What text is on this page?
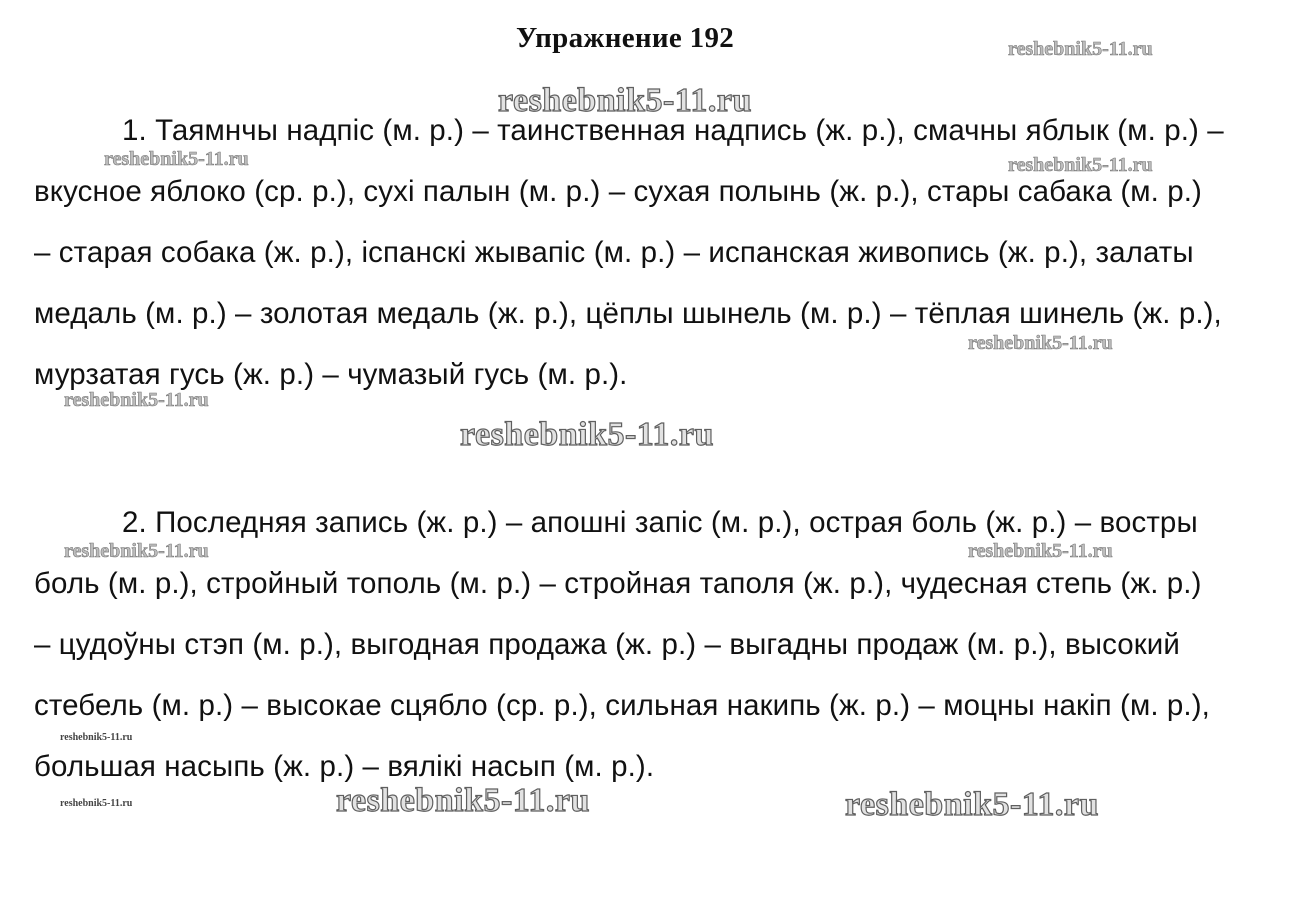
Упражнение 192
1. Таямнчы надпіс (м. р.) – таинственная надпись (ж. р.), смачны яблык (м. р.) – вкусное яблоко (ср. р.), сухі палын (м. р.) – сухая полынь (ж. р.), стары сабака (м. р.) – старая собака (ж. р.), іспанскі жывапіс (м. р.) – испанская живопись (ж. р.), залаты медаль (м. р.) – золотая медаль (ж. р.), цёплы шынель (м. р.) – тёплая шинель (ж. р.), мурзатая гусь (ж. р.) – чумазый гусь (м. р.).
2. Последняя запись (ж. р.) – апошні запіс (м. р.), острая боль (ж. р.) – востры боль (м. р.), стройный тополь (м. р.) – стройная таполя (ж. р.), чудесная степь (ж. р.) – цудоўны стэп (м. р.), выгодная продажа (ж. р.) – выгадны продаж (м. р.), высокий стебель (м. р.) – высокае сцябло (ср. р.), сильная накипь (ж. р.) – моцны накіп (м. р.), большая насыпь (ж. р.) – вялікі насып (м. р.).
reshebnik5-11.ru
reshebnik5-11.ru
reshebnik5-11.ru	reshebnik5-11.ru
reshebnik5-11.ru
reshebnik5-11.ru
reshebnik5-11.ru
reshebnik5-11.ru	reshebnik5-11.ru
reshebnik5-11.ru
reshebnik5-11.ru	reshebnik5-11.ru
reshebnik5-11.ru
